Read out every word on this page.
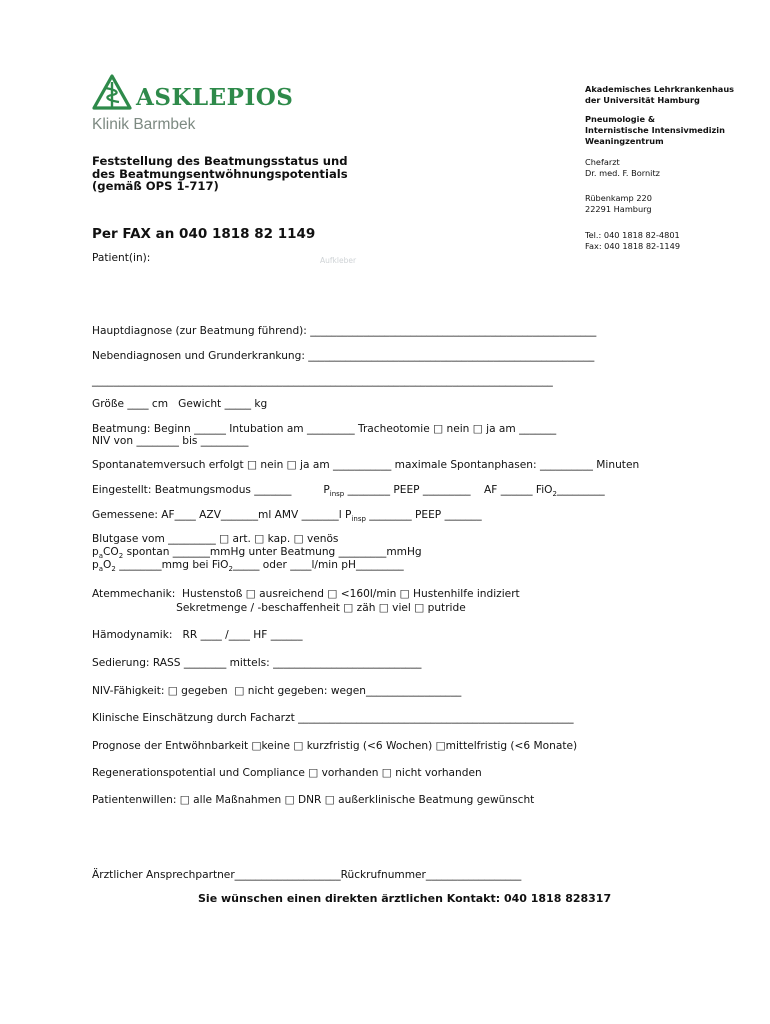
ASKLEPIOS
Klinik Barmbek
Akademisches Lehrkrankenhaus
der Universität Hamburg
Pneumologie &
Internistische Intensivmedizin
Weaningzentrum
Chefarzt
Dr. med. F. Bornitz
Rübenkamp 220
22291 Hamburg
Tel.: 040 1818 82-4801
Fax: 040 1818 82-1149
Feststellung des Beatmungsstatus und
des Beatmungsentwöhnungspotentials
(gemäß OPS 1-717)
Per FAX an 040 1818 82 1149
Patient(in):	Aufkleber
Hauptdiagnose (zur Beatmung führend): ______________________________________________________
Nebendiagnosen und Grunderkrankung: ______________________________________________________
_______________________________________________________________________________________
Größe ____ cm   Gewicht _____ kg
Beatmung: Beginn ______ Intubation am _________ Tracheotomie □ nein □ ja am _______
NIV von ________ bis _________
Spontanatemversuch erfolgt □ nein □ ja am ___________ maximale Spontanphasen: __________ Minuten
Eingestellt: Beatmungsmodus _______	$P_{insp}$ ________ PEEP _________    AF ______ FiO$_2$_________
Gemessene: AF____ AZV_______ml AMV _______l $P_{insp}$ ________ PEEP _______
Blutgase vom _________ □ art. □ kap. □ venös
$p_aCO_2$ spontan _______mmHg unter Beatmung _________mmHg
$p_aO_2$ ________mmg bei FiO$_2$_____ oder ____l/min pH_________
Atemmechanik:  Hustenstoß □ ausreichend □ <160l/min □ Hustenhilfe indiziert
Sekretmenge / -beschaffenheit □ zäh □ viel □ putride
Hämodynamik:   RR ____ /____ HF ______
Sedierung: RASS ________ mittels: ____________________________
NIV-Fähigkeit: □ gegeben  □ nicht gegeben: wegen__________________
Klinische Einschätzung durch Facharzt ____________________________________________________
Prognose der Entwöhnbarkeit □keine □ kurzfristig (<6 Wochen) □mittelfristig (<6 Monate)
Regenerationspotential und Compliance □ vorhanden □ nicht vorhanden
Patientenwillen: □ alle Maßnahmen □ DNR □ außerklinische Beatmung gewünscht
Ärztlicher Ansprechpartner____________________Rückrufnummer__________________
Sie wünschen einen direkten ärztlichen Kontakt: 040 1818 828317
